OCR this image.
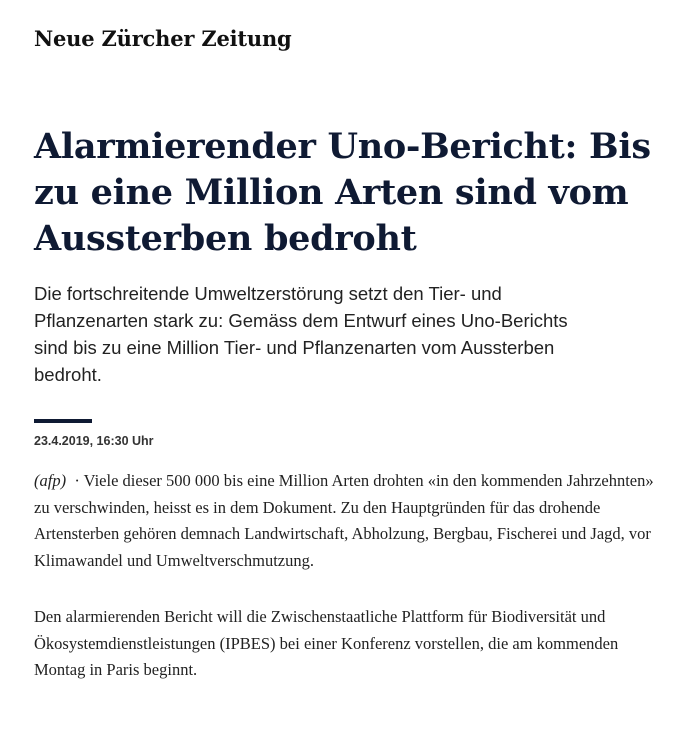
Neue Zürcher Zeitung
Alarmierender Uno-Bericht: Bis zu eine Million Arten sind vom Aussterben bedroht

Die fortschreitende Umweltzerstörung setzt den Tier- und Pflanzenarten stark zu: Gemäss dem Entwurf eines Uno-Berichts sind bis zu eine Million Tier- und Pflanzenarten vom Aussterben bedroht.

23.4.2019, 16:30 Uhr

(afp) · Viele dieser 500 000 bis eine Million Arten drohten «in den kommenden Jahrzehnten» zu verschwinden, heisst es in dem Dokument. Zu den Hauptgründen für das drohende Artensterben gehören demnach Landwirtschaft, Abholzung, Bergbau, Fischerei und Jagd, vor Klimawandel und Umweltverschmutzung.

Den alarmierenden Bericht will die Zwischenstaatliche Plattform für Biodiversität und Ökosystemdienstleistungen (IPBES) bei einer Konferenz vorstellen, die am kommenden Montag in Paris beginnt.
